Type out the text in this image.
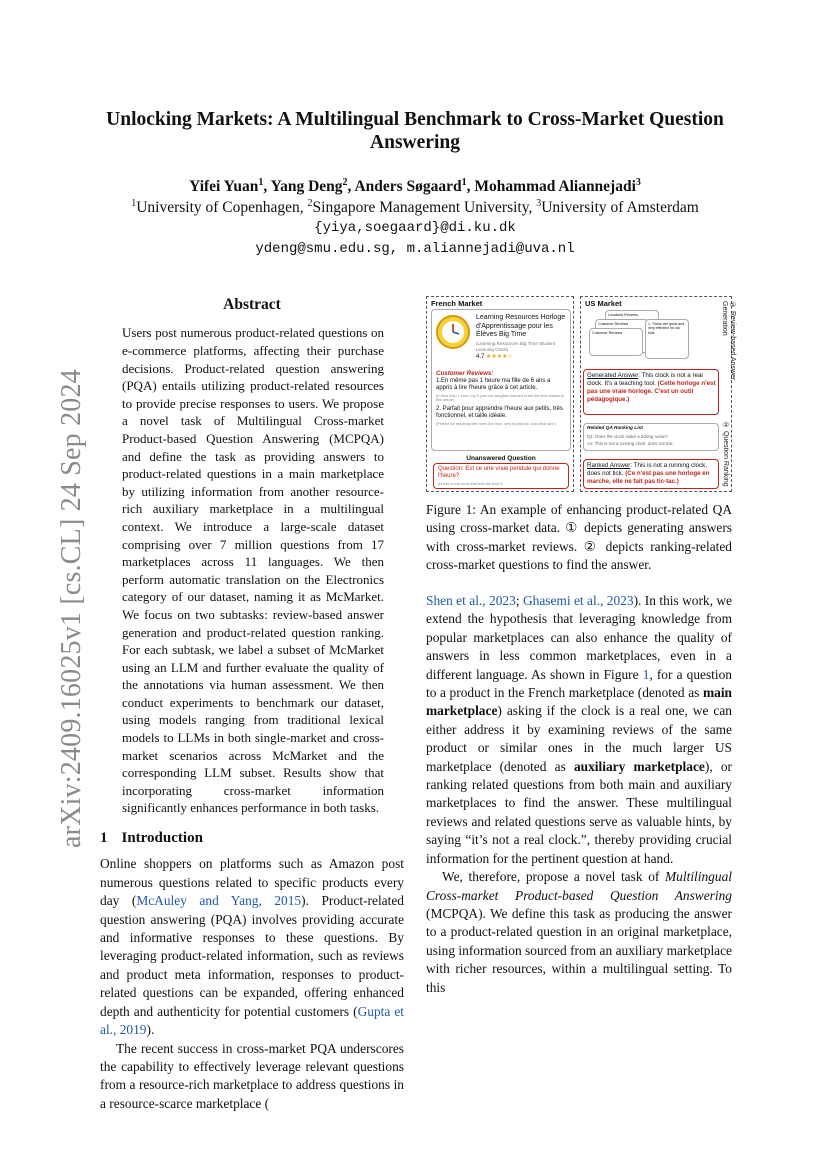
arXiv:2409.16025v1 [cs.CL] 24 Sep 2024
Unlocking Markets: A Multilingual Benchmark to Cross-Market Question Answering
Yifei Yuan$^1$, Yang Deng$^2$, Anders Søgaard$^1$, Mohammad Aliannejadi$^3$
$^1$University of Copenhagen, $^2$Singapore Management University, $^3$University of Amsterdam
{yiya,soegaard}@di.ku.dk
ydeng@smu.edu.sg, m.aliannejadi@uva.nl
Abstract
Users post numerous product-related questions on e-commerce platforms, affecting their purchase decisions. Product-related question answering (PQA) entails utilizing product-related resources to provide precise responses to users. We propose a novel task of Multilingual Cross-market Product-based Question Answering (MCPQA) and define the task as providing answers to product-related questions in a main marketplace by utilizing information from another resource-rich auxiliary marketplace in a multilingual context. We introduce a large-scale dataset comprising over 7 million questions from 17 marketplaces across 11 languages. We then perform automatic translation on the Electronics category of our dataset, naming it as McMarket. We focus on two subtasks: review-based answer generation and product-related question ranking. For each subtask, we label a subset of McMarket using an LLM and further evaluate the quality of the annotations via human assessment. We then conduct experiments to benchmark our dataset, using models ranging from traditional lexical models to LLMs in both single-market and cross-market scenarios across McMarket and the corresponding LLM subset. Results show that incorporating cross-market information significantly enhances performance in both tasks.
1 Introduction

Online shoppers on platforms such as Amazon post numerous questions related to specific products every day (McAuley and Yang, 2015). Product-related question answering (PQA) involves providing accurate and informative responses to these questions. By leveraging product-related information, such as reviews and product meta information, responses to product-related questions can be expanded, offering enhanced depth and authenticity for potential customers (Gupta et al., 2019).

The recent success in cross-market PQA underscores the capability to effectively leverage relevant questions from a resource-rich marketplace to address questions in a resource-scarce marketplace (

French Market
Learning Resources Horloge d'Apprentissage pour les Élèves Big Time
(Learning Resources Big Time Student Learning Clock)
4.7 ★★★★☆
Customer Reviews:
1.En même pas 1 heure ma fille de 6 ans a appris à lire l'heure grâce à cet article.
(In less than 1 hour, my 6 year old daughter learned to tell the time thanks to this article)
2. Parfait pour apprendre l'heure aux petits, très fonctionnel, et taille idéale.
(Perfect for teaching little ones the time, very functional, and ideal size.)
Unanswered Question
Question: Est ce une vraie pendule qui donne l'heure?
(Is this a real clock that tells the time?)
US Market
Localized Reviews
Customer Reviews
Customer Reviews
1. These are great and very effective for our kids.
Generated Answer: This clock is not a real clock. It's a teaching tool. (Cette horloge n'est pas une vraie horloge. C'est un outil pédagogique.)
Related QA Ranking List
Q1: Does the clock make a ticking noise?
A1: This is not a running clock, does not tick.
Ranked Answer: This is not a running clock, does not tick. (Ce n'est pas une horloge en marche, elle ne fait pas tic-tac.)
① Review-based Answer Generation
② Question Ranking
Figure 1: An example of enhancing product-related QA using cross-market data. ① depicts generating answers with cross-market reviews. ② depicts ranking-related cross-market questions to find the answer.

Shen et al., 2023; Ghasemi et al., 2023). In this work, we extend the hypothesis that leveraging knowledge from popular marketplaces can also enhance the quality of answers in less common marketplaces, even in a different language. As shown in Figure 1, for a question to a product in the French marketplace (denoted as main marketplace) asking if the clock is a real one, we can either address it by examining reviews of the same product or similar ones in the much larger US marketplace (denoted as auxiliary marketplace), or ranking related questions from both main and auxiliary marketplaces to find the answer. These multilingual reviews and related questions serve as valuable hints, by saying “it’s not a real clock.”, thereby providing crucial information for the pertinent question at hand.

We, therefore, propose a novel task of Multilingual Cross-market Product-based Question Answering (MCPQA). We define this task as producing the answer to a product-related question in an original marketplace, using information sourced from an auxiliary marketplace with richer resources, within a multilingual setting. To this
